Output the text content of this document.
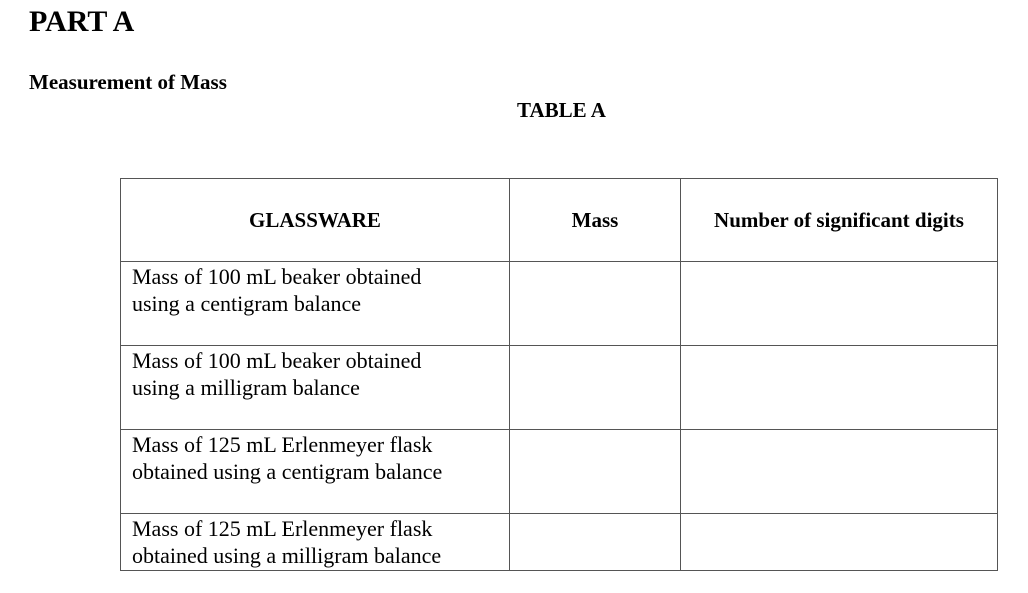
PART A
Measurement of Mass
TABLE A
GLASSWARE	Mass	Number of significant digits

Mass of 100 mL beaker obtained
using a centigram balance		

Mass of 100 mL beaker obtained
using a milligram balance		

Mass of 125 mL Erlenmeyer flask
obtained using a centigram balance		

Mass of 125 mL Erlenmeyer flask
obtained using a milligram balance		
